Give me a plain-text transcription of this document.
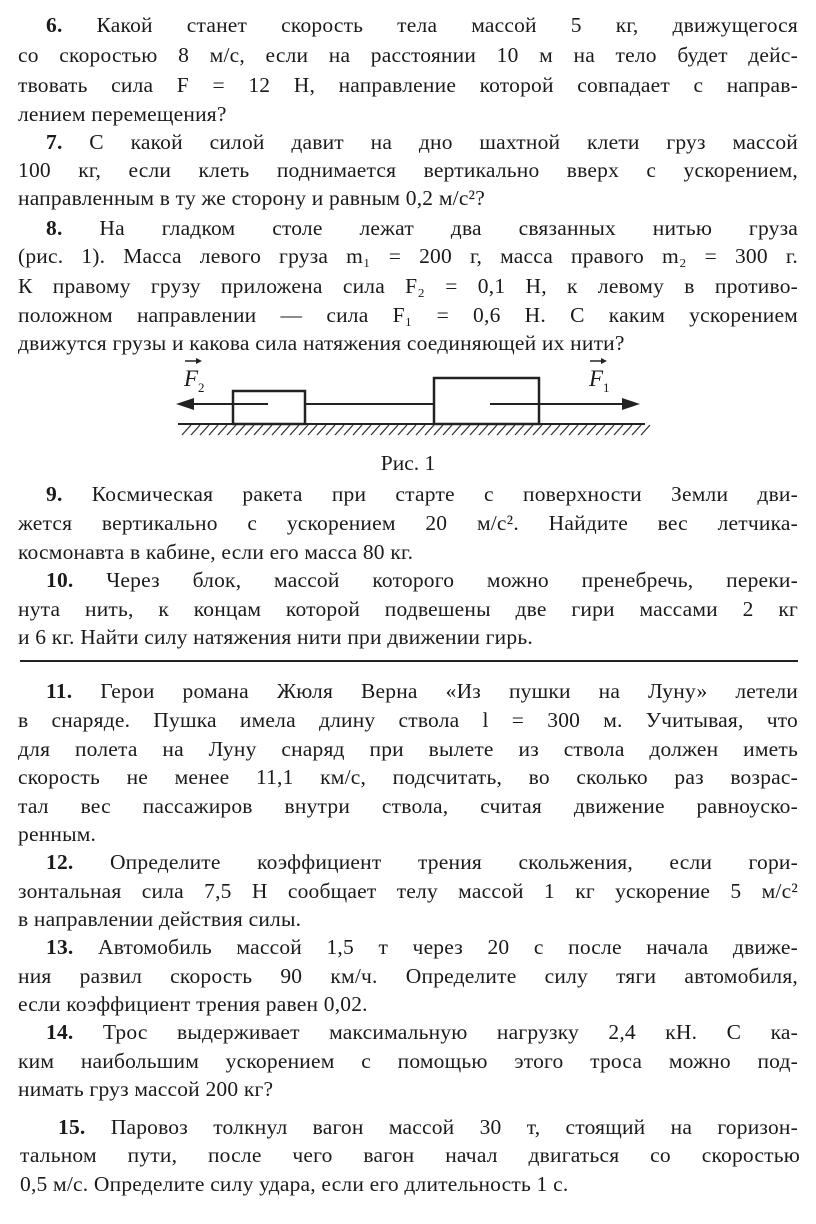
6. Какой станет скорость тела массой 5 кг, движущегося
со скоростью 8 м/с, если на расстоянии 10 м на тело будет дейс-
твовать сила F = 12 Н, направление которой совпадает с направ-
лением перемещения?
7. С какой силой давит на дно шахтной клети груз массой
100 кг, если клеть поднимается вертикально вверх с ускорением,
направленным в ту же сторону и равным 0,2 м/с²?
8. На гладком столе лежат два связанных нитью груза
(рис. 1). Масса левого груза m₁ = 200 г, масса правого m₂ = 300 г.
К правому грузу приложена сила F₂ = 0,1 Н, к левому в противо-
положном направлении — сила F₁ = 0,6 Н. С каким ускорением
движутся грузы и какова сила натяжения соединяющей их нити?
F 2	F 1
Рис. 1
9. Космическая ракета при старте с поверхности Земли дви-
жется вертикально с ускорением 20 м/с². Найдите вес летчика-
космонавта в кабине, если его масса 80 кг.
10. Через блок, массой которого можно пренебречь, переки-
нута нить, к концам которой подвешены две гири массами 2 кг
и 6 кг. Найти силу натяжения нити при движении гирь.
11. Герои романа Жюля Верна «Из пушки на Луну» летели
в снаряде. Пушка имела длину ствола l = 300 м. Учитывая, что
для полета на Луну снаряд при вылете из ствола должен иметь
скорость не менее 11,1 км/с, подсчитать, во сколько раз возрас-
тал вес пассажиров внутри ствола, считая движение равноуско-
ренным.
12. Определите коэффициент трения скольжения, если гори-
зонтальная сила 7,5 Н сообщает телу массой 1 кг ускорение 5 м/с²
в направлении действия силы.
13. Автомобиль массой 1,5 т через 20 с после начала движе-
ния развил скорость 90 км/ч. Определите силу тяги автомобиля,
если коэффициент трения равен 0,02.
14. Трос выдерживает максимальную нагрузку 2,4 кН. С ка-
ким наибольшим ускорением с помощью этого троса можно под-
нимать груз массой 200 кг?
15. Паровоз толкнул вагон массой 30 т, стоящий на горизон-
тальном пути, после чего вагон начал двигаться со скоростью
0,5 м/с. Определите силу удара, если его длительность 1 с.
